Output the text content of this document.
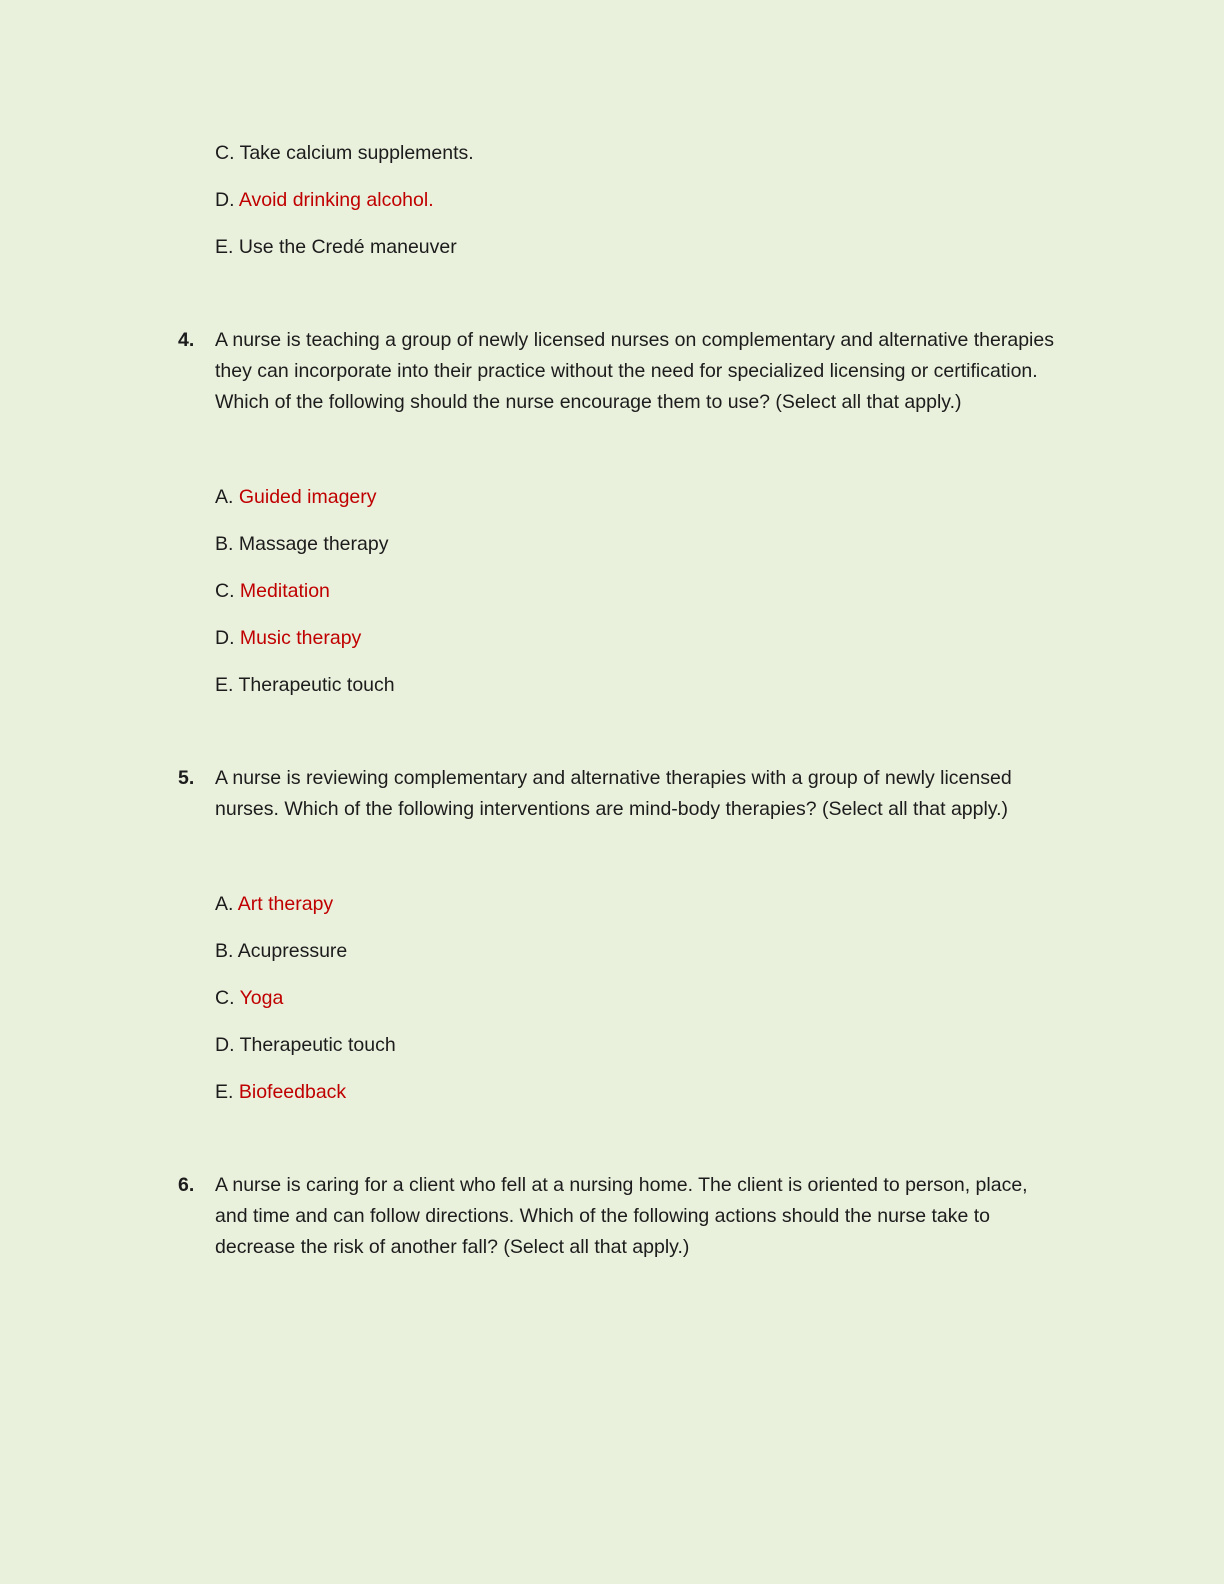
C. Take calcium supplements.
D. Avoid drinking alcohol.
E. Use the Credé maneuver
4.	A nurse is teaching a group of newly licensed nurses on complementary and alternative therapies they can incorporate into their practice without the need for specialized licensing or certification. Which of the following should the nurse encourage them to use? (Select all that apply.)
A. Guided imagery
B. Massage therapy
C. Meditation
D. Music therapy
E. Therapeutic touch
5.	A nurse is reviewing complementary and alternative therapies with a group of newly licensed nurses. Which of the following interventions are mind-body therapies? (Select all that apply.)
A. Art therapy
B. Acupressure
C. Yoga
D. Therapeutic touch
E. Biofeedback
6.	A nurse is caring for a client who fell at a nursing home. The client is oriented to person, place, and time and can follow directions. Which of the following actions should the nurse take to decrease the risk of another fall? (Select all that apply.)
